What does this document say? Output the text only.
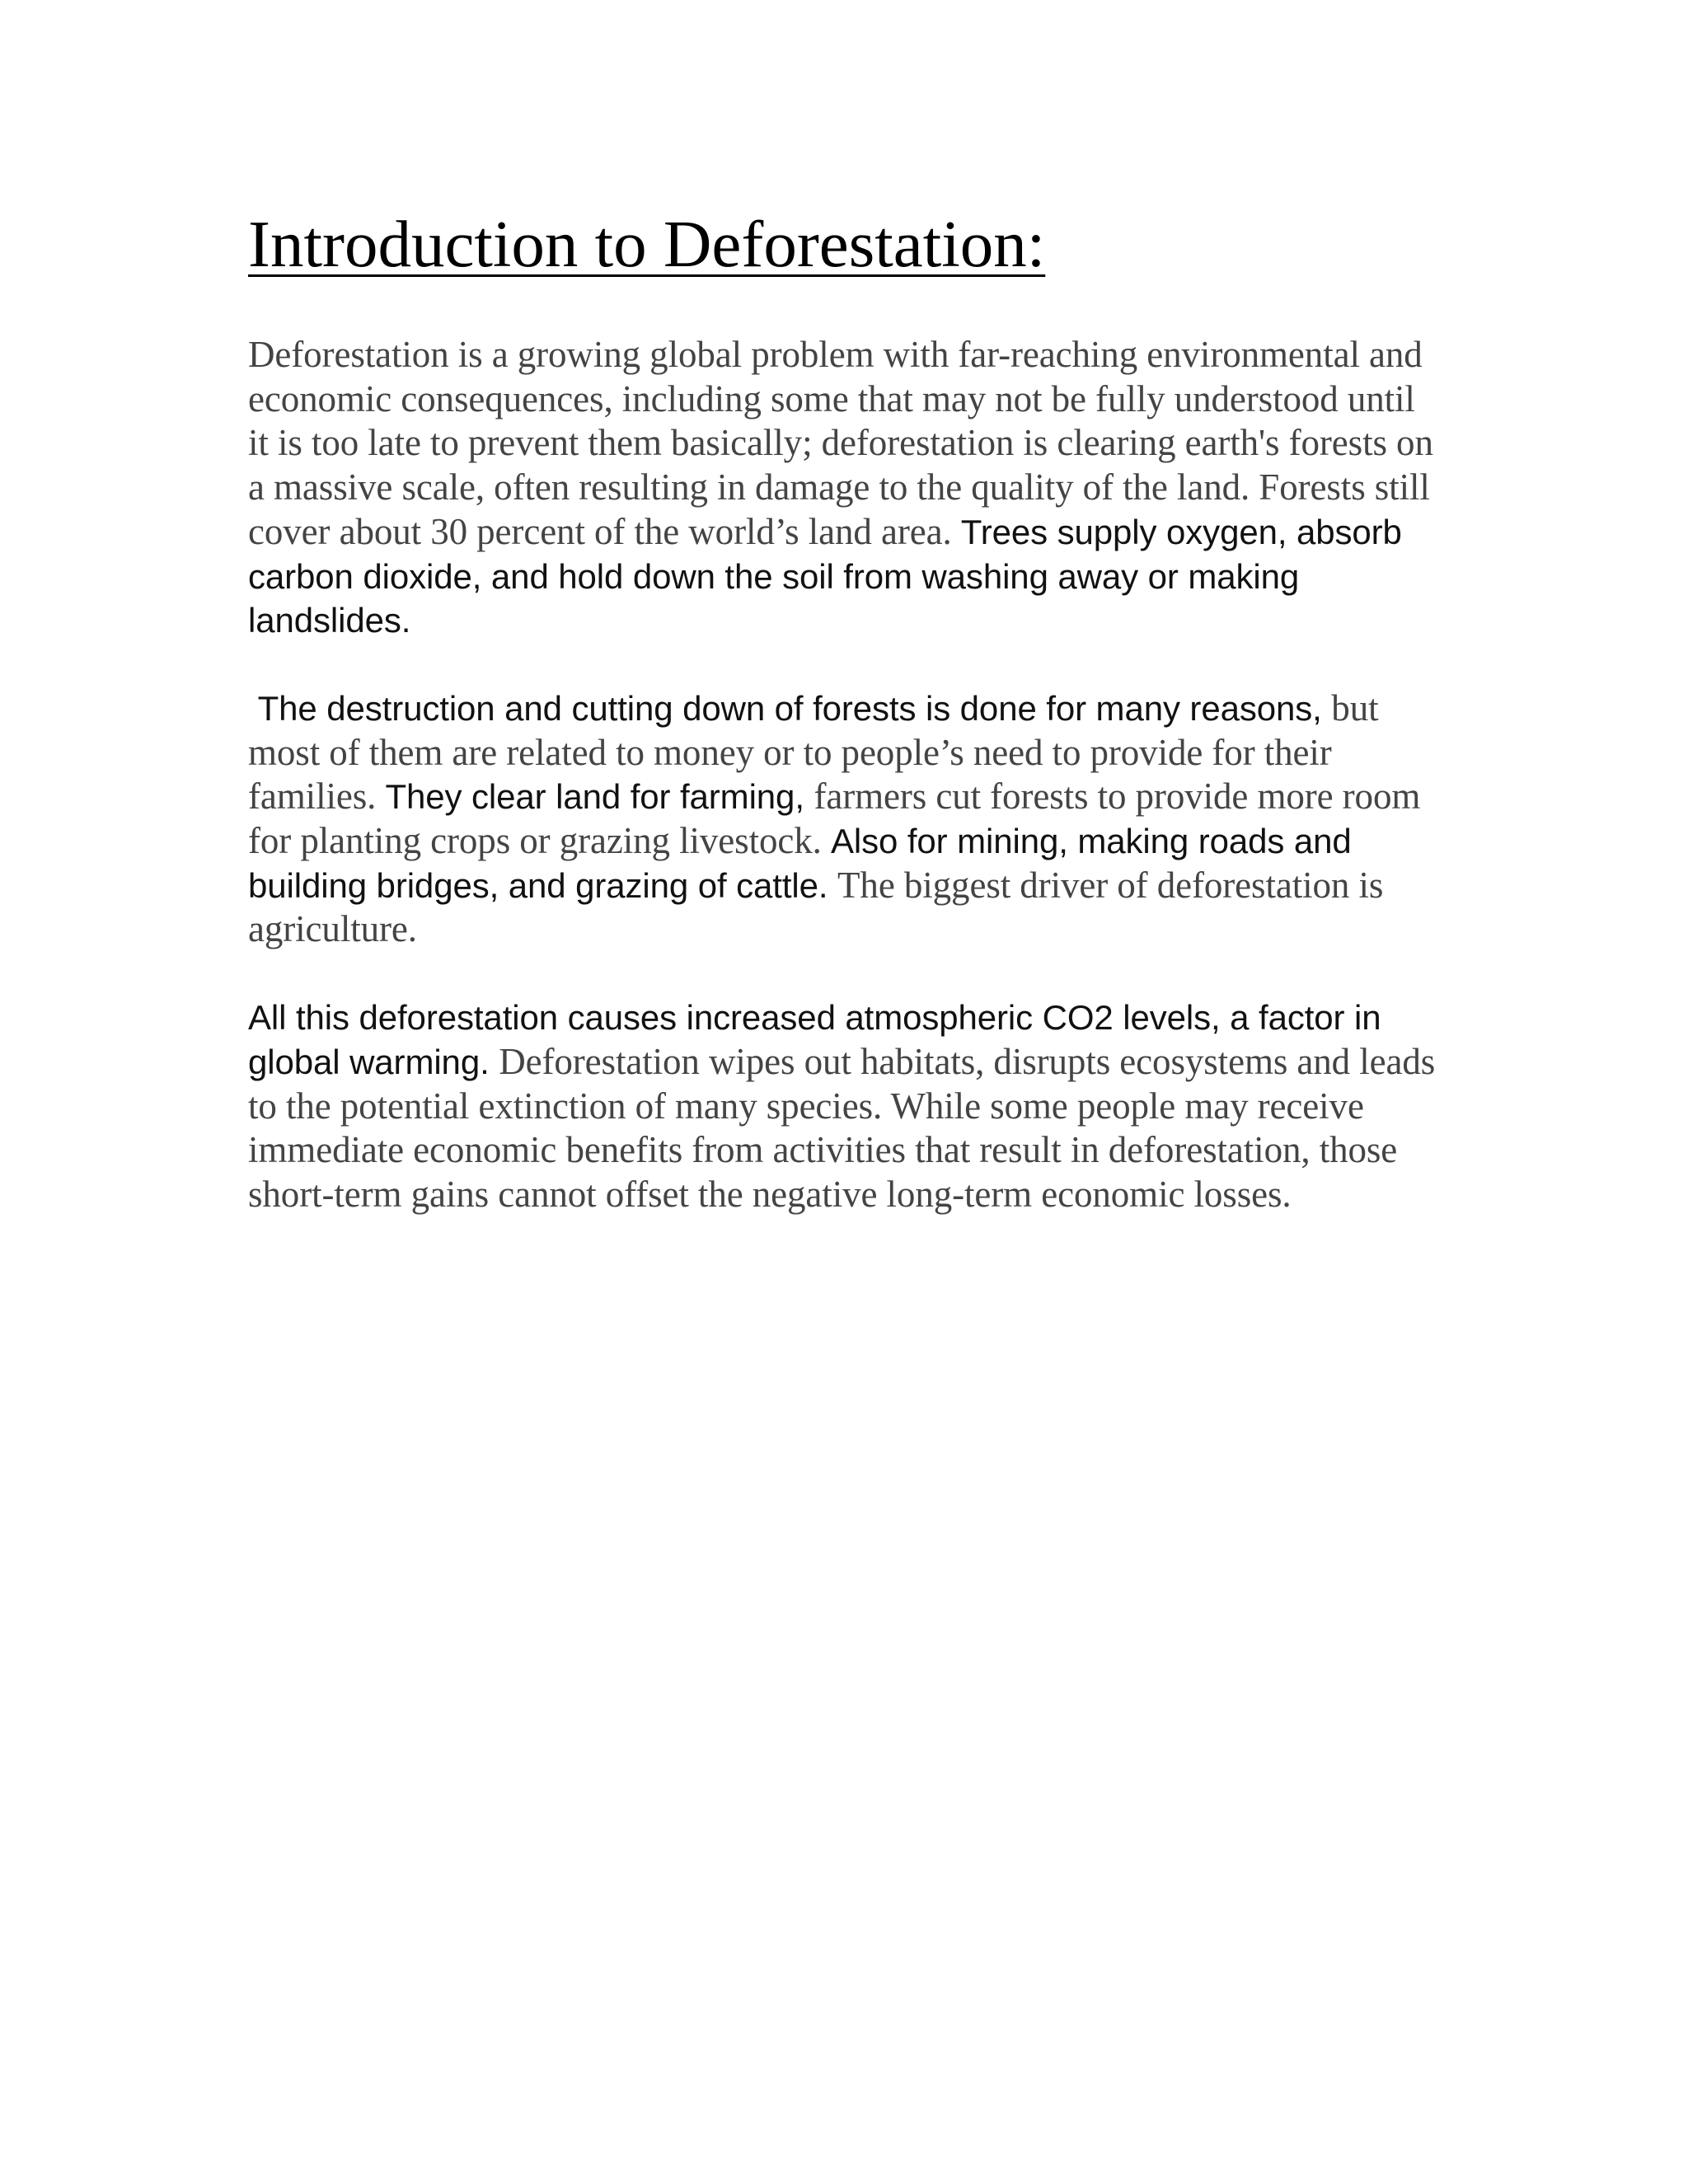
Introduction to Deforestation:

Deforestation is a growing global problem with far-reaching environmental and economic consequences, including some that may not be fully understood until it is too late to prevent them basically; deforestation is clearing earth's forests on a massive scale, often resulting in damage to the quality of the land. Forests still cover about 30 percent of the world’s land area. Trees supply oxygen, absorb carbon dioxide, and hold down the soil from washing away or making landslides.

The destruction and cutting down of forests is done for many reasons, but most of them are related to money or to people’s need to provide for their families. They clear land for farming, farmers cut forests to provide more room for planting crops or grazing livestock. Also for mining, making roads and building bridges, and grazing of cattle. The biggest driver of deforestation is agriculture.

All this deforestation causes increased atmospheric CO2 levels, a factor in global warming. Deforestation wipes out habitats, disrupts ecosystems and leads to the potential extinction of many species. While some people may receive immediate economic benefits from activities that result in deforestation, those short-term gains cannot offset the negative long-term economic losses.
